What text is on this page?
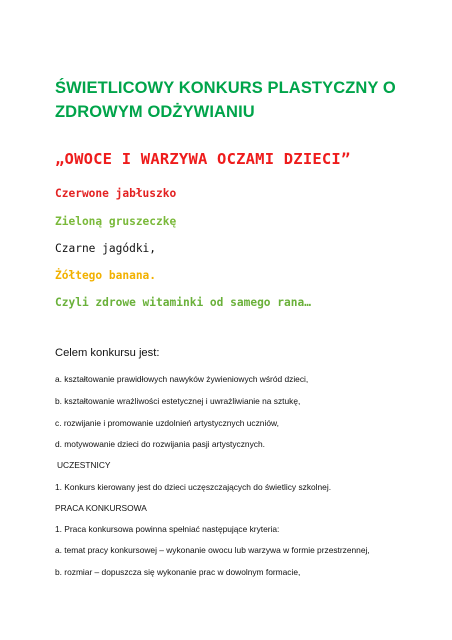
ŚWIETLICOWY KONKURS PLASTYCZNY O ZDROWYM ODŻYWIANIU
„OWOCE I WARZYWA OCZAMI DZIECI”
Czerwone jabłuszko
Zieloną gruszeczkę
Czarne jagódki,
Żółtego banana.
Czyli zdrowe witaminki od samego rana…
Celem konkursu jest:
a. kształtowanie prawidłowych nawyków żywieniowych wśród dzieci,
b. kształtowanie wrażliwości estetycznej i uwrażliwianie na sztukę,
c. rozwijanie i promowanie uzdolnień artystycznych uczniów,
d. motywowanie dzieci do rozwijania pasji artystycznych.
UCZESTNICY
1. Konkurs kierowany jest do dzieci uczęszczających do świetlicy szkolnej.
PRACA KONKURSOWA
1. Praca konkursowa powinna spełniać następujące kryteria:
a. temat pracy konkursowej – wykonanie owocu lub warzywa w formie przestrzennej,
b. rozmiar – dopuszcza się wykonanie prac w dowolnym formacie,
